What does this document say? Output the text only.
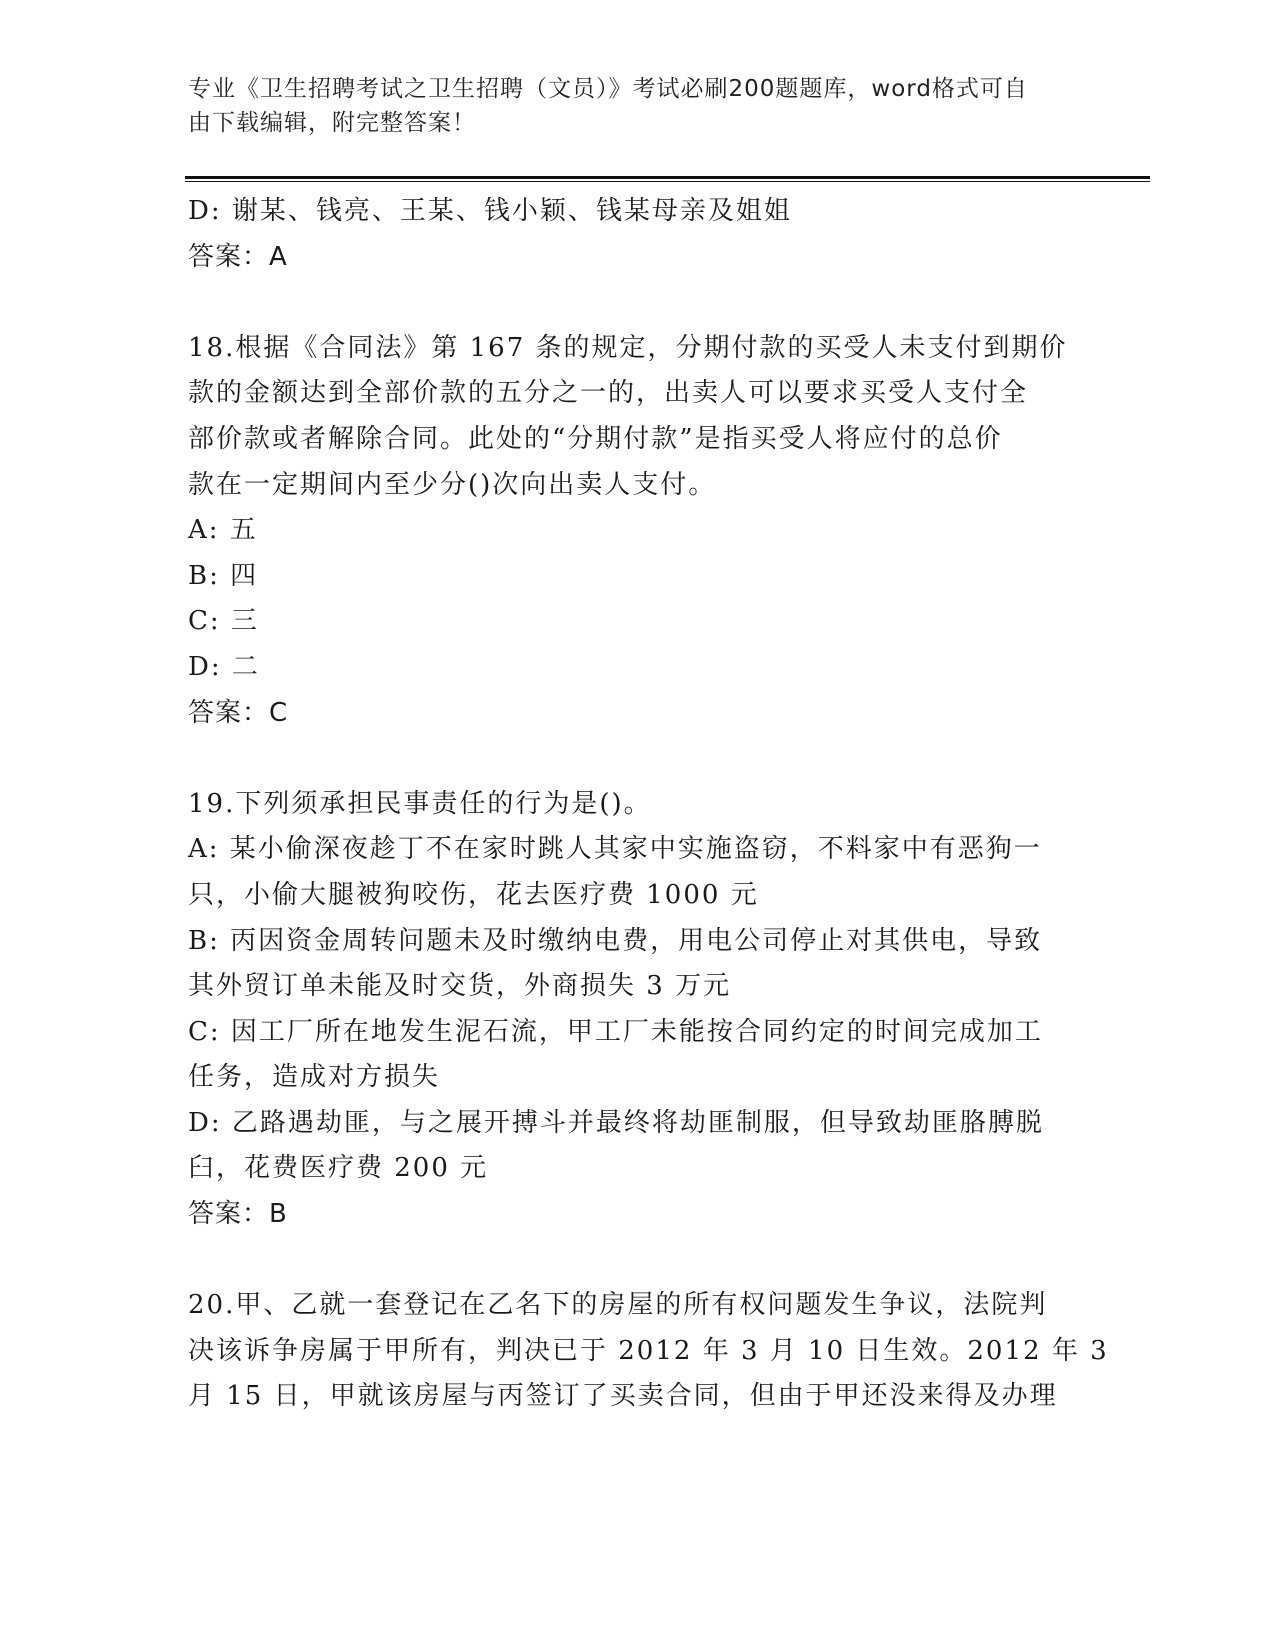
专业《卫生招聘考试之卫生招聘（文员）》考试必刷200题题库，word格式可自
由下载编辑，附完整答案！
D: 谢某、钱亮、王某、钱小颖、钱某母亲及姐姐
答案：A
18.根据《合同法》第 167 条的规定，分期付款的买受人未支付到期价
款的金额达到全部价款的五分之一的，出卖人可以要求买受人支付全
部价款或者解除合同。此处的“分期付款”是指买受人将应付的总价
款在一定期间内至少分()次向出卖人支付。
A: 五
B: 四
C: 三
D: 二
答案：C
19.下列须承担民事责任的行为是()。
A: 某小偷深夜趁丁不在家时跳人其家中实施盗窃，不料家中有恶狗一
只，小偷大腿被狗咬伤，花去医疗费 1000 元
B: 丙因资金周转问题未及时缴纳电费，用电公司停止对其供电，导致
其外贸订单未能及时交货，外商损失 3 万元
C: 因工厂所在地发生泥石流，甲工厂未能按合同约定的时间完成加工
任务，造成对方损失
D: 乙路遇劫匪，与之展开搏斗并最终将劫匪制服，但导致劫匪胳膊脱
臼，花费医疗费 200 元
答案：B
20.甲、乙就一套登记在乙名下的房屋的所有权问题发生争议，法院判
决该诉争房属于甲所有，判决已于 2012 年 3 月 10 日生效。2012 年 3
月 15 日，甲就该房屋与丙签订了买卖合同，但由于甲还没来得及办理
